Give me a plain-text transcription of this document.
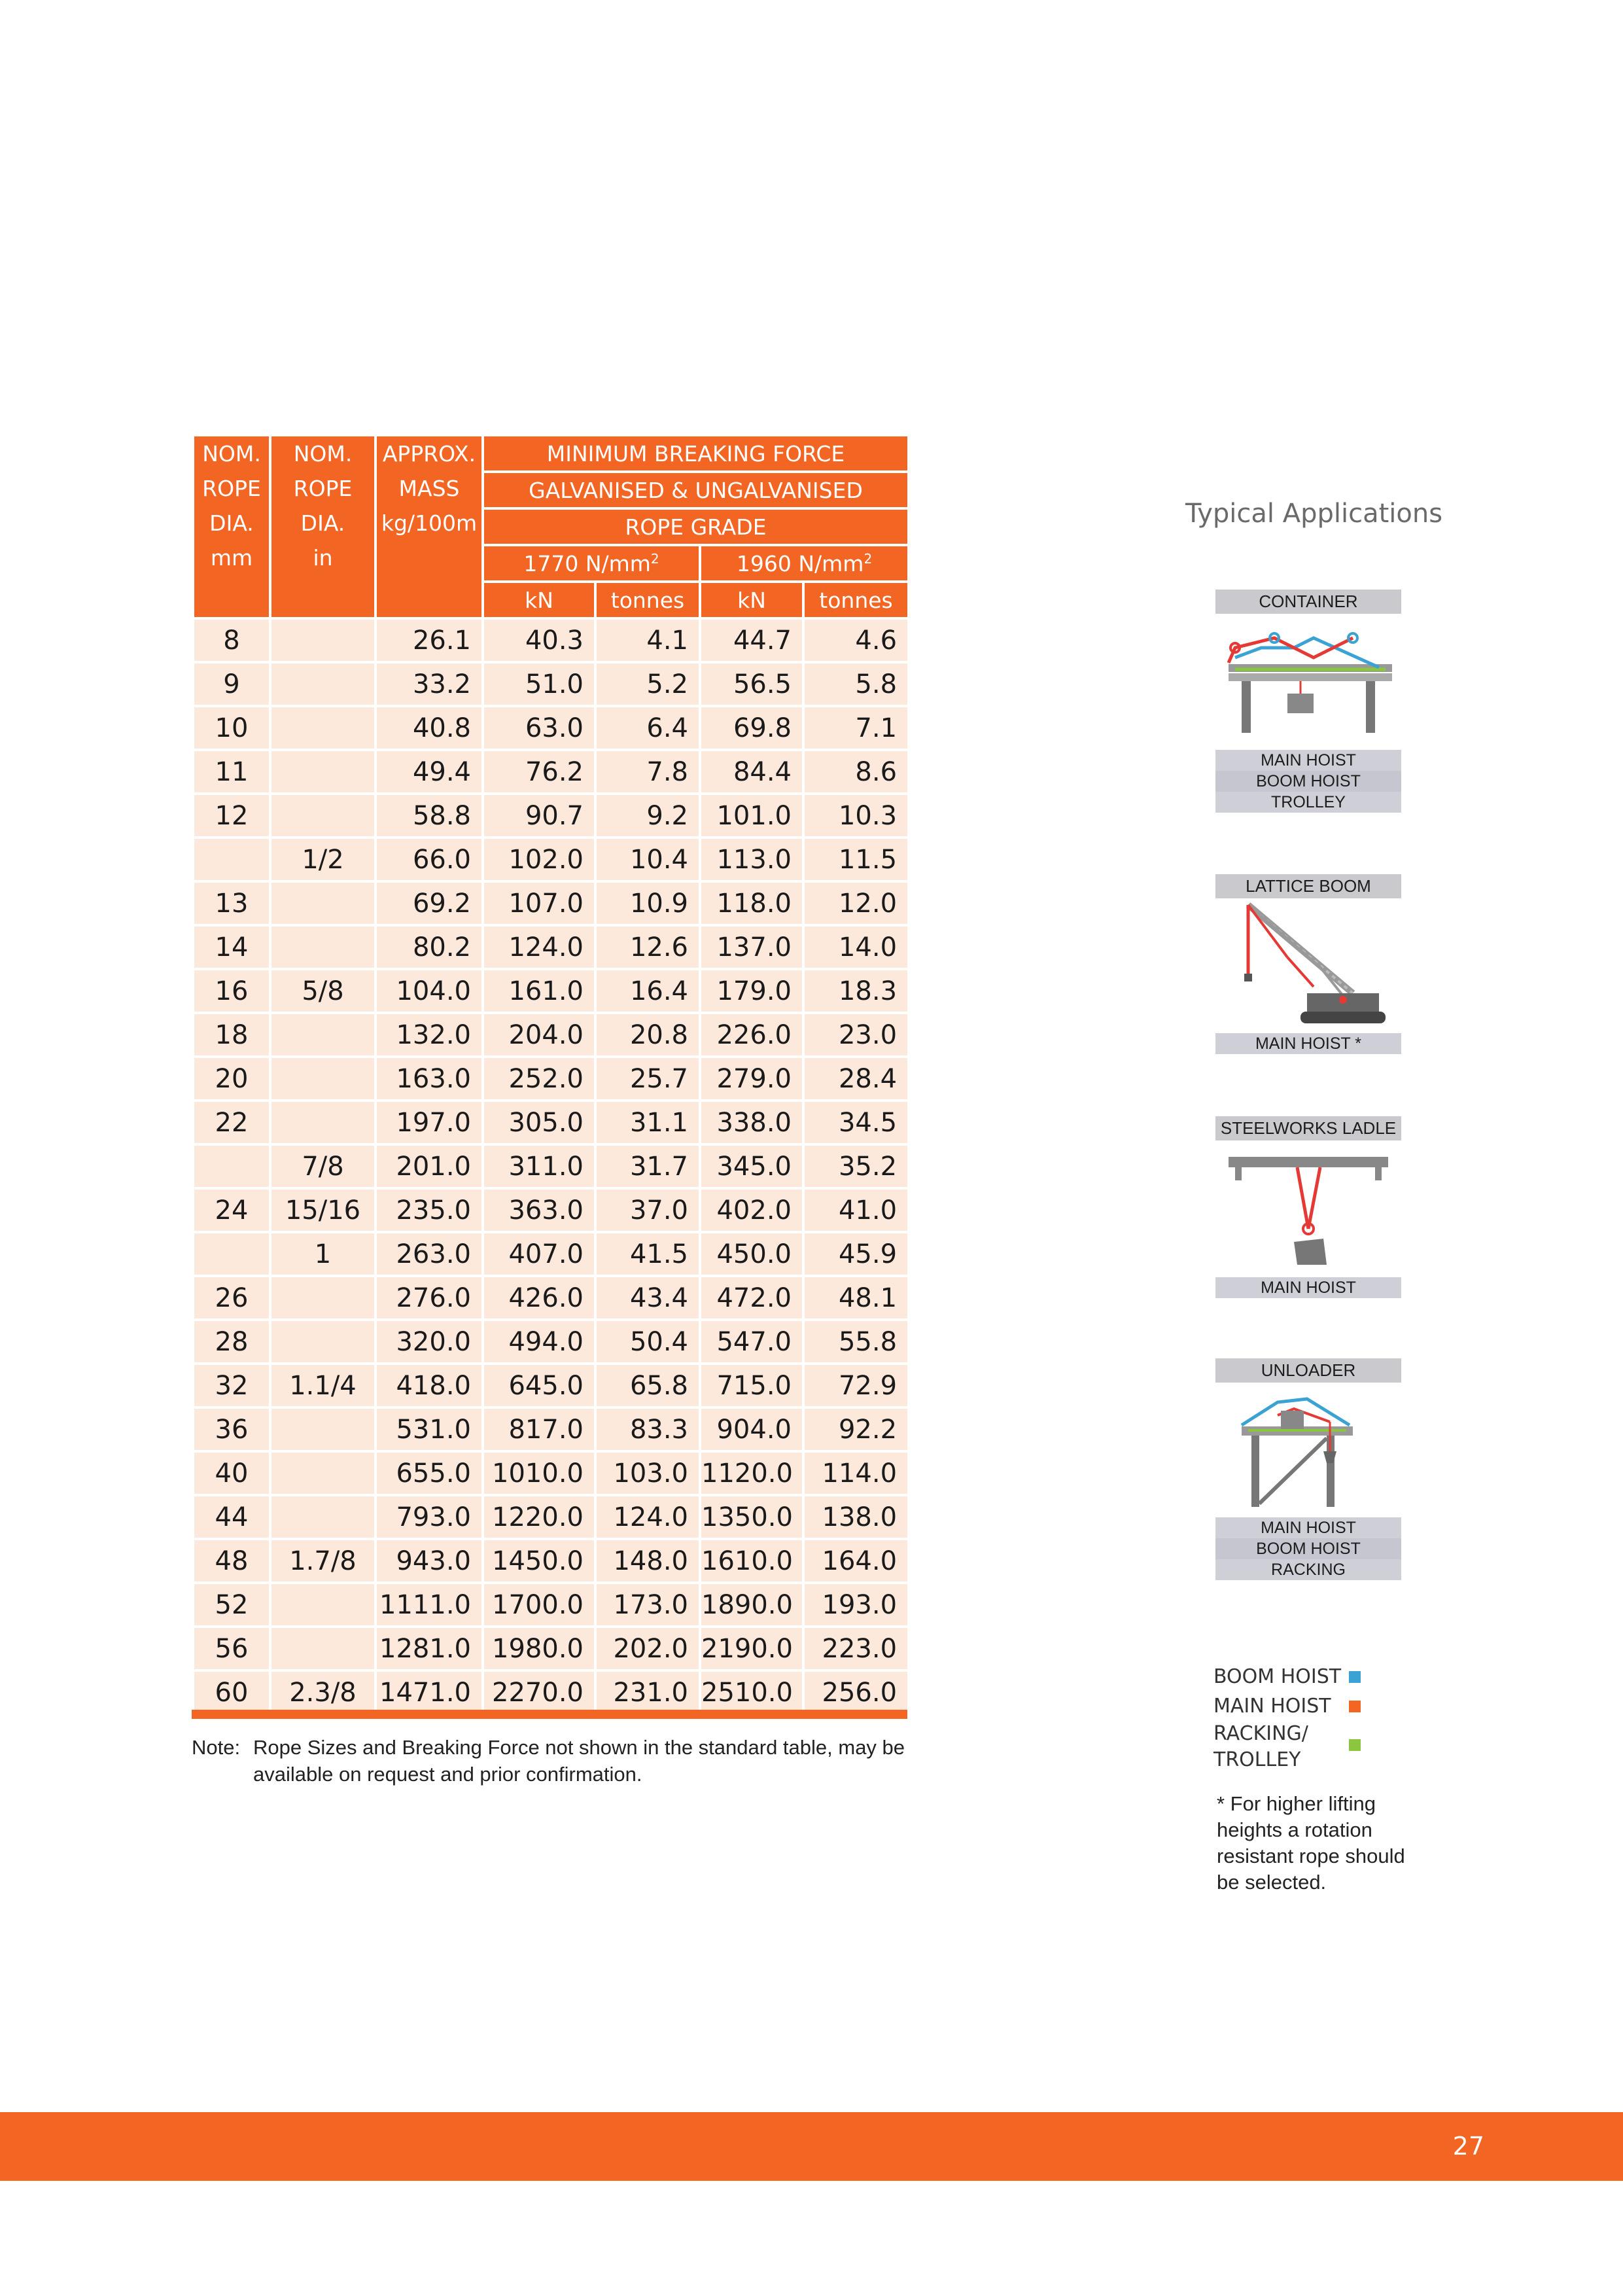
NOM.
ROPE
DIA.
mm	NOM.
ROPE
DIA.
in	APPROX.
MASS
kg/100m	MINIMUM BREAKING FORCE			
			GALVANISED & UNGALVANISED			
			ROPE GRADE			
			1770 $N/mm^2$		1960 $N/mm^2$
			kN	tonnes	kN	tonnes
8		26.1	40.3	4.1	44.7	4.6
9		33.2	51.0	5.2	56.5	5.8
10		40.8	63.0	6.4	69.8	7.1
11		49.4	76.2	7.8	84.4	8.6
12		58.8	90.7	9.2	101.0	10.3
	1/2	66.0	102.0	10.4	113.0	11.5
13		69.2	107.0	10.9	118.0	12.0
14		80.2	124.0	12.6	137.0	14.0
16	5/8	104.0	161.0	16.4	179.0	18.3
18		132.0	204.0	20.8	226.0	23.0
20		163.0	252.0	25.7	279.0	28.4
22		197.0	305.0	31.1	338.0	34.5
	7/8	201.0	311.0	31.7	345.0	35.2
24	15/16	235.0	363.0	37.0	402.0	41.0
	1	263.0	407.0	41.5	450.0	45.9
26		276.0	426.0	43.4	472.0	48.1
28		320.0	494.0	50.4	547.0	55.8
32	1.1/4	418.0	645.0	65.8	715.0	72.9
36		531.0	817.0	83.3	904.0	92.2
40		655.0	1010.0	103.0	1120.0	114.0
44		793.0	1220.0	124.0	1350.0	138.0
48	1.7/8	943.0	1450.0	148.0	1610.0	164.0
52		1111.0	1700.0	173.0	1890.0	193.0
56		1281.0	1980.0	202.0	2190.0	223.0
60	2.3/8	1471.0	2270.0	231.0	2510.0	256.0
Note: Rope Sizes and Breaking Force not shown in the standard table, may be available on request and prior confirmation.
Typical Applications
CONTAINER
MAIN HOIST
BOOM HOIST
TROLLEY
LATTICE BOOM
MAIN HOIST *
STEELWORKS LADLE
MAIN HOIST
UNLOADER
MAIN HOIST
BOOM HOIST
RACKING
BOOM HOIST
MAIN HOIST
RACKING/ TROLLEY
* For higher lifting heights a rotation resistant rope should be selected.
27
